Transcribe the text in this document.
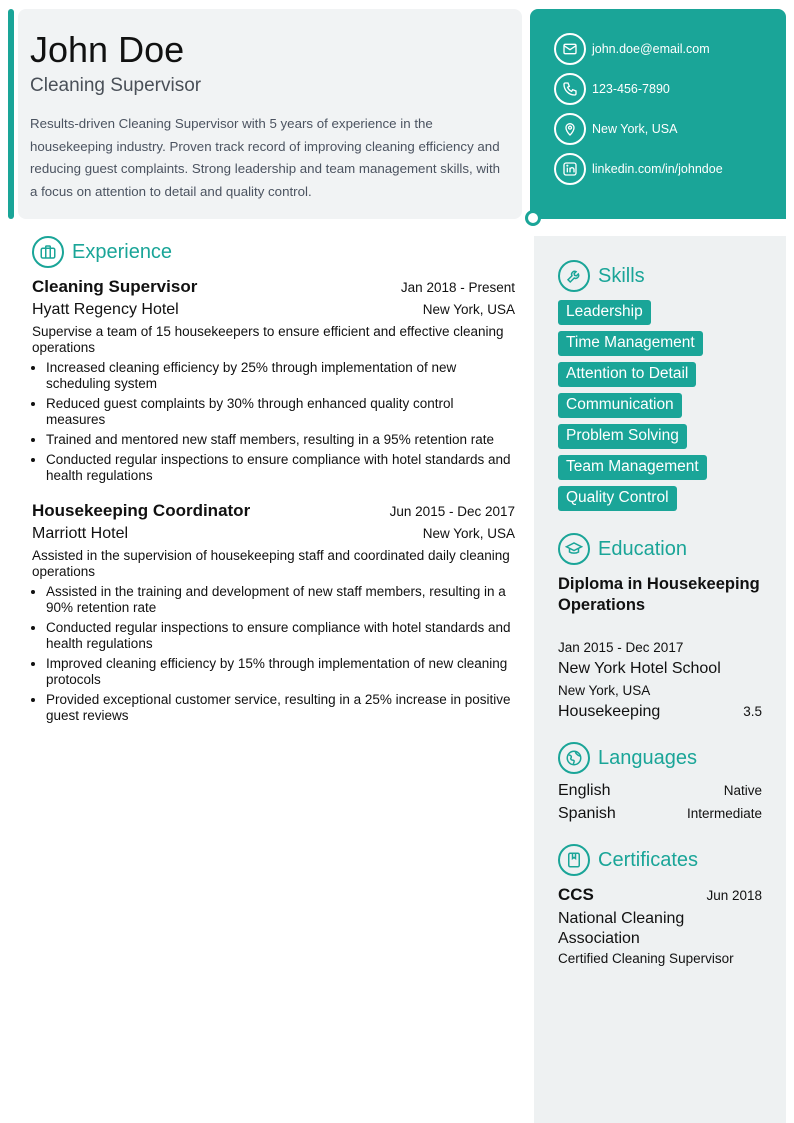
John Doe
Cleaning Supervisor
Results-driven Cleaning Supervisor with 5 years of experience in the housekeeping industry. Proven track record of improving cleaning efficiency and reducing guest complaints. Strong leadership and team management skills, with a focus on attention to detail and quality control.
john.doe@email.com
123-456-7890
New York, USA
linkedin.com/in/johndoe
Experience
Cleaning Supervisor	Jan 2018 - Present
Hyatt Regency Hotel	New York, USA
Supervise a team of 15 housekeepers to ensure efficient and effective cleaning operations
• Increased cleaning efficiency by 25% through implementation of new scheduling system
• Reduced guest complaints by 30% through enhanced quality control measures
• Trained and mentored new staff members, resulting in a 95% retention rate
• Conducted regular inspections to ensure compliance with hotel standards and health regulations
Housekeeping Coordinator	Jun 2015 - Dec 2017
Marriott Hotel	New York, USA
Assisted in the supervision of housekeeping staff and coordinated daily cleaning operations
• Assisted in the training and development of new staff members, resulting in a 90% retention rate
• Conducted regular inspections to ensure compliance with hotel standards and health regulations
• Improved cleaning efficiency by 15% through implementation of new cleaning protocols
• Provided exceptional customer service, resulting in a 25% increase in positive guest reviews
Skills
Leadership
Time Management
Attention to Detail
Communication
Problem Solving
Team Management
Quality Control
Education
Diploma in Housekeeping Operations
Jan 2015 - Dec 2017
New York Hotel School
New York, USA
Housekeeping	3.5
Languages
English	Native
Spanish	Intermediate
Certificates
CCS	Jun 2018
National Cleaning Association
Certified Cleaning Supervisor
